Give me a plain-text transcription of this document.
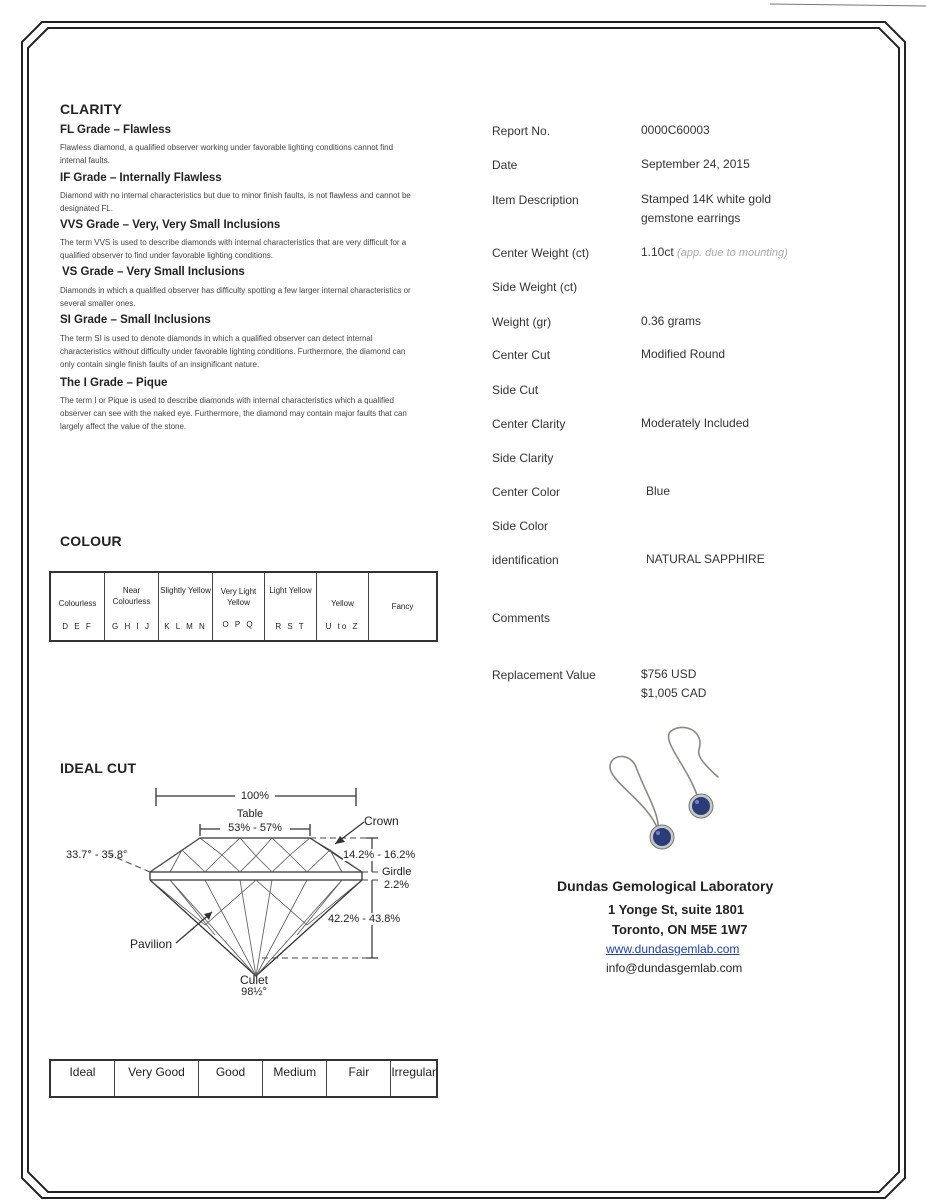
CLARITY

FL Grade – Flawless

Flawless diamond, a qualified observer working under favorable lighting conditions cannot find internal faults.

IF Grade – Internally Flawless

Diamond with no internal characteristics but due to minor finish faults, is not flawless and cannot be designated FL.

VVS Grade – Very, Very Small Inclusions

The term VVS is used to describe diamonds with internal characteristics that are very difficult for a qualified observer to find under favorable lighting conditions.

VS Grade – Very Small Inclusions

Diamonds in which a qualified observer has difficulty spotting a few larger internal characteristics or several smaller ones.

SI Grade – Small Inclusions

The term SI is used to denote diamonds in which a qualified observer can detect internal characteristics without difficulty under favorable lighting conditions. Furthermore, the diamond can only contain single finish faults of an insignificant nature.

The I Grade – Pique

The term I or Pique is used to describe diamonds with internal characteristics which a qualified observer can see with the naked eye. Furthermore, the diamond may contain major faults that can largely affect the value of the stone.

COLOUR
Colourless
D E F

Near Colourless
G H I J

Slightly Yellow
K L M N

Very Light Yellow
O P Q

Light Yellow
R S T

Yellow
U to Z
	Fancy
IDEAL CUT
100%
Table
53% - 57%	Crown
33.7° - 35.8°	14.2% - 16.2%
Girdle
2.2%
42.2% - 43.8%
Pavilion
Culet
98½°
Ideal	Very Good	Good	Medium	Fair	Irregular
Report No.	0000C60003
Date	September 24, 2015
Item Description	Stamped 14K white gold
gemstone earrings
Center Weight (ct)	1.10ct (app. due to mounting)
Side Weight (ct)
Weight (gr)	0.36 grams
Center Cut	Modified Round
Side Cut
Center Clarity	Moderately Included
Side Clarity
Center Color	Blue
Side Color
identification	NATURAL SAPPHIRE
Comments
Replacement Value	$756 USD
$1,005 CAD
Dundas Gemological Laboratory
1 Yonge St, suite 1801
Toronto, ON M5E 1W7
www.dundasgemlab.com
info@dundasgemlab.com
